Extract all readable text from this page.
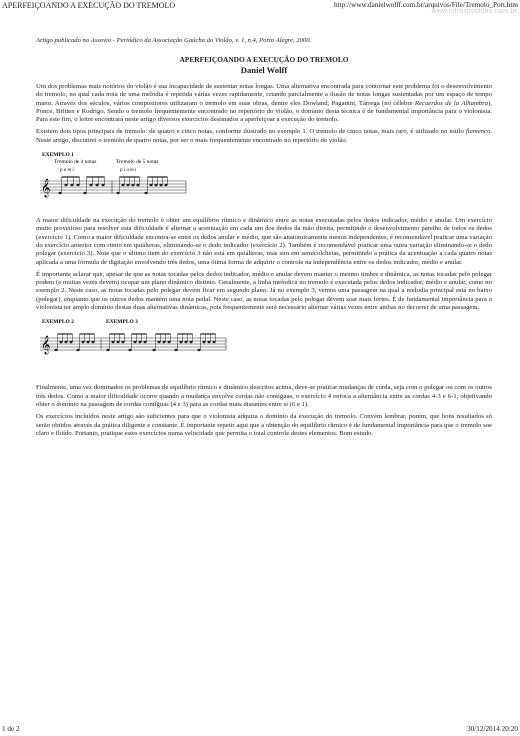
APERFEIÇOANDO A EXECUÇÃO DO TREMOLO	http://www.danielwolff.com.br/arquivos/File/Tremolo_Port.htm
www.cifraspostilas.com.br

Artigo publicado no Assovio - Periódico da Associação Gaúcha do Violão, v. 1, n.4, Porto Alegre, 2000.

APERFEIÇOANDO A EXECUÇÃO DO TREMOLO

Daniel Wolff

Um dos problemas mais notórios do violão é sua incapacidade de sustentar notas longas. Uma alternativa encontrada para contornar este problema foi o desenvolvimento do tremolo, no qual cada nota de uma melodia é repetida várias vezes rapidamente, criando parcialmente a ilusão de notas longas sustentadas por um espaço de tempo maior. Através dos séculos, vários compositores utilizaram o tremolo em suas obras, dentre eles Dowland, Paganini, Tárrega (no célebre Recuerdos de la Alhambra), Ponce, Britten e Rodrigo. Sendo o tremolo frequentemente encontrado no repertório do violão, o domínio desta técnica é de fundamental importância para o violonista. Para este fim, o leitor encontrará neste artigo diversos exercícios destinados a aperfeiçoar a execução do tremolo.

Existem dois tipos principais de tremolo: de quatro e cinco notas, conforme ilustrado no exemplo 1. O tremolo de cinco notas, mais raro, é utilizado no estilo flamenco. Neste artigo, discutirei o tremolo de quatro notas, por ser o mais frequentemente encontrado no repertório do violão.

EXEMPLO 1
Tremolo de 4 notas	Tremolo de 5 notas
p a m i	p i a m i
𝄞

A maior dificuldade na execução do tremolo é obter um equilíbrio rítmico e dinâmico entre as notas executadas pelos dedos indicador, médio e anular. Um exercício muito proveitoso para resolver esta dificuldade é alternar a acentuação em cada um dos dedos da mão direita, permitindo o desenvolvimento parelho de todos os dedos (exercício 1). Como a maior dificuldade encontra-se entre os dedos anular e médio, que são anatomicamente menos independentes, é recomendável praticar uma variação do exercício anterior com ritmo em quiálteras, eliminando-se o dedo indicador (exercício 2). Também é recomendável praticar uma outra variação eliminando-se o dedo polegar (exercício 3). Note que o último item do exercício 3 não está em quiálteras, mas sim em semicolcheias, permitindo a prática da acentuação a cada quatro notas aplicada a uma fórmula de digitação envolvendo três dedos, uma ótima forma de adquirir o controle na independência entre os dedos indicador, médio e anular.

É importante aclarar que, apesar de que as notas tocadas pelos dedos indicador, médio e anular devem manter o mesmo timbre e dinâmica, as notas tocadas pelo polegar podem (e muitas vezes devem) ocupar um plano dinâmico distinto. Geralmente, a linha melódica no tremolo é executada pelos dedos indicador, médio e anular, como no exemplo 2. Neste caso, as notas tocadas pelo polegar devem ficar em segundo plano. Já no exemplo 3, vemos uma passagem na qual a melodia principal está no baixo (polegar), enquanto que os outros dedos mantém uma nota pedal. Neste caso, as notas tocadas pelo polegar devem soar mais fortes. É de fundamental importância para o violonista ter amplo domínio destas duas alternativas dinâmicas, pois frequentemente será necessário alternar várias vezes entre ambas no decorrer de uma passagem.

EXEMPLO 2	EXEMPLO 3
𝄞

Finalmente, uma vez dominados os problemas de equilíbrio rítmico e dinâmico descritos acima, deve-se praticar mudanças de corda, seja com o polegar ou com os outros três dedos. Como a maior dificuldade ocorre quando a mudança envolve cordas não contíguas, o exercício 4 enfoca a alternância entre as cordas 4-3 e 6-1, objetivando obter o domínio na passagem de cordas contíguas (4 e 3) para as cordas mais distantes entre si (6 e 1).

Os exercícios incluídos neste artigo são suficientes para que o violonista adquira o domínio da execução do tremolo. Convém lembrar, porém, que bons resultados só serão obtidos através da prática diligente e constante. É importante repetir aqui que a obtenção do equilíbrio rítmico é de fundamental importância para que o tremolo soe claro e fluído. Portanto, pratique estes exercícios numa velocidade que permita o total controle destes elementos. Bom estudo.

1 de 2	30/12/2014 20:20
